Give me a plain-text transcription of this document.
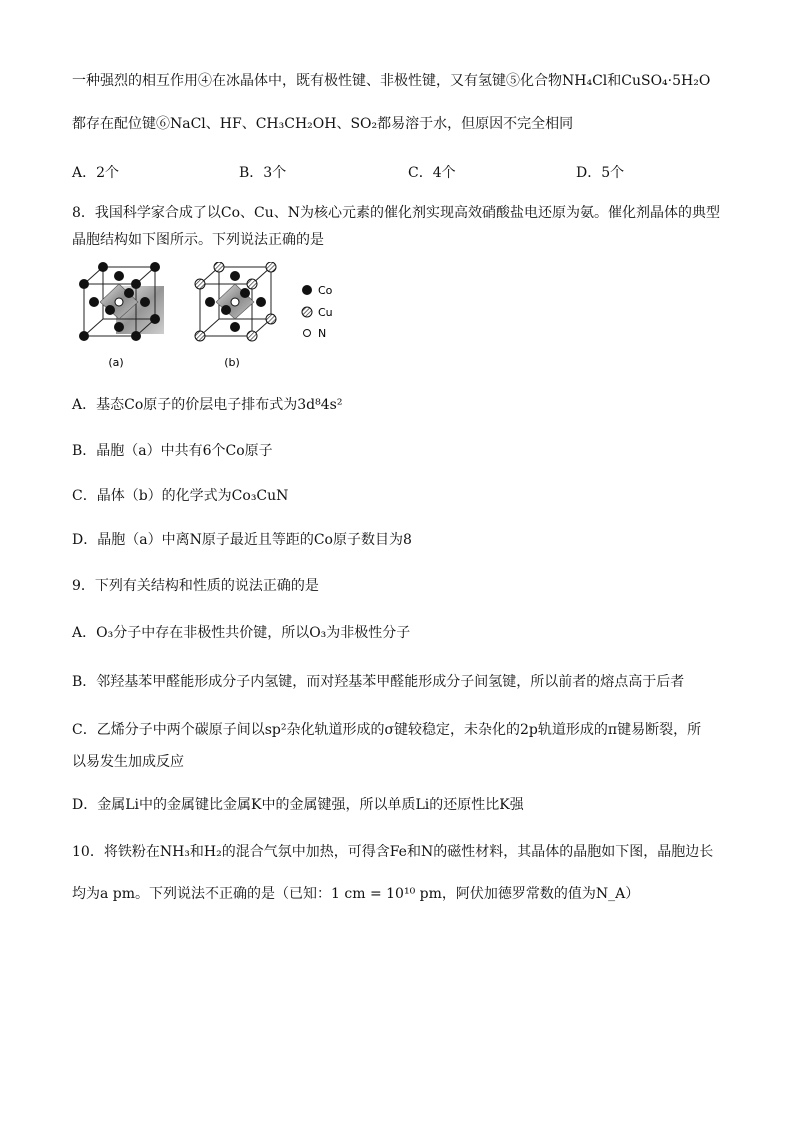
一种强烈的相互作用④在冰晶体中，既有极性键、非极性键，又有氢键⑤化合物NH₄Cl和CuSO₄·5H₂O
都存在配位键⑥NaCl、HF、CH₃CH₂OH、SO₂都易溶于水，但原因不完全相同
A．2个	B．3个	C．4个	D．5个
8．我国科学家合成了以Co、Cu、N为核心元素的催化剂实现高效硝酸盐电还原为氨。催化剂晶体的典型
晶胞结构如下图所示。下列说法正确的是
(a)	(b)
Co
Cu
N
A．基态Co原子的价层电子排布式为3d⁸4s²
B．晶胞（a）中共有6个Co原子
C．晶体（b）的化学式为Co₃CuN
D．晶胞（a）中离N原子最近且等距的Co原子数目为8
9．下列有关结构和性质的说法正确的是
A．O₃分子中存在非极性共价键，所以O₃为非极性分子
B．邻羟基苯甲醛能形成分子内氢键，而对羟基苯甲醛能形成分子间氢键，所以前者的熔点高于后者
C．乙烯分子中两个碳原子间以sp²杂化轨道形成的σ键较稳定，未杂化的2p轨道形成的π键易断裂，所
以易发生加成反应
D．金属Li中的金属键比金属K中的金属键强，所以单质Li的还原性比K强
10．将铁粉在NH₃和H₂的混合气氛中加热，可得含Fe和N的磁性材料，其晶体的晶胞如下图，晶胞边长
均为a pm。下列说法不正确的是（已知：1 cm = 10¹⁰ pm，阿伏加德罗常数的值为N_A）
